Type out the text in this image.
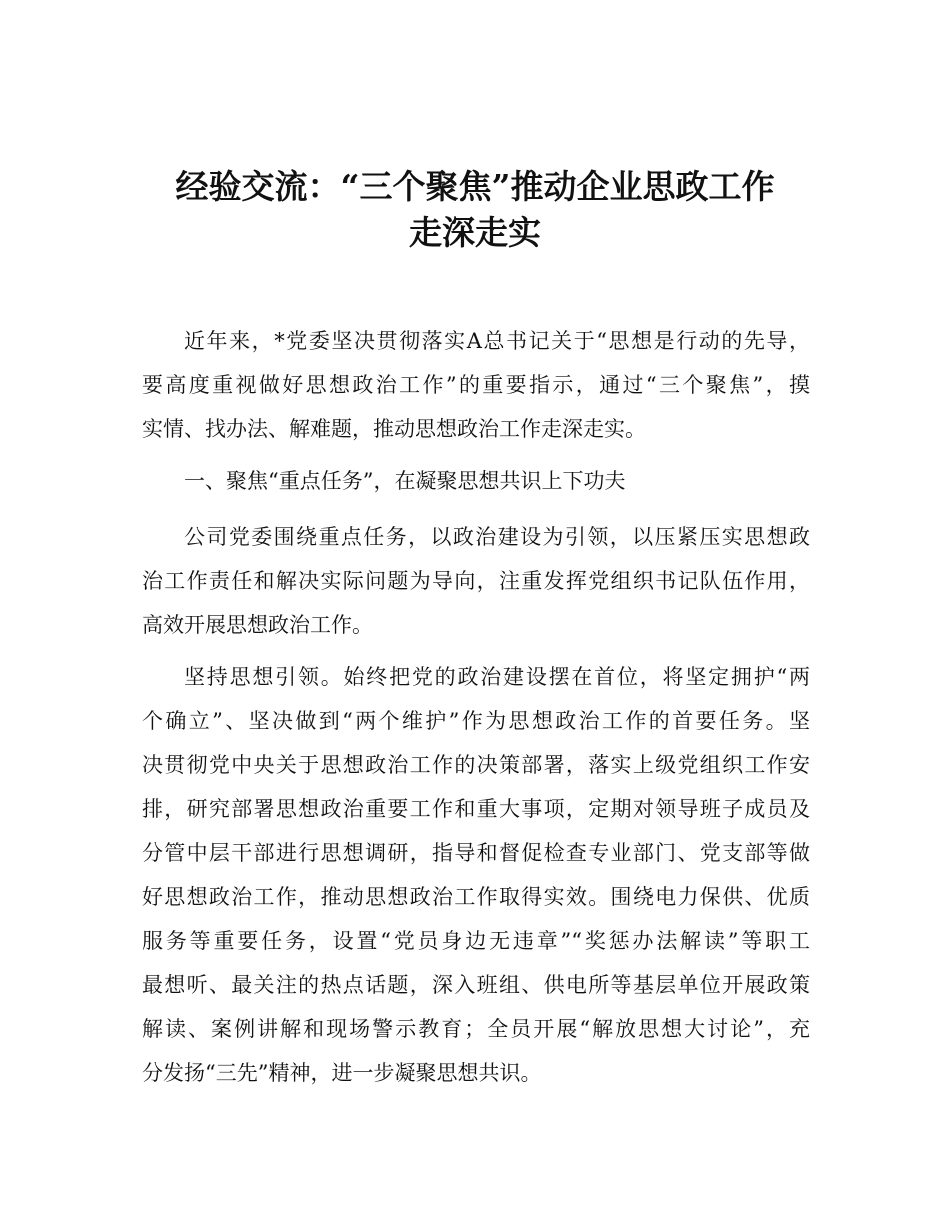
经验交流：“三个聚焦”推动企业思政工作
走深走实
近年来，*党委坚决贯彻落实A总书记关于“思想是行动的先导，
要高度重视做好思想政治工作”的重要指示，通过“三个聚焦”，摸
实情、找办法、解难题，推动思想政治工作走深走实。
一、聚焦“重点任务”，在凝聚思想共识上下功夫
公司党委围绕重点任务，以政治建设为引领，以压紧压实思想政
治工作责任和解决实际问题为导向，注重发挥党组织书记队伍作用，
高效开展思想政治工作。
坚持思想引领。始终把党的政治建设摆在首位，将坚定拥护“两
个确立”、坚决做到“两个维护”作为思想政治工作的首要任务。坚
决贯彻党中央关于思想政治工作的决策部署，落实上级党组织工作安
排，研究部署思想政治重要工作和重大事项，定期对领导班子成员及
分管中层干部进行思想调研，指导和督促检查专业部门、党支部等做
好思想政治工作，推动思想政治工作取得实效。围绕电力保供、优质
服务等重要任务，设置“党员身边无违章”“奖惩办法解读”等职工
最想听、最关注的热点话题，深入班组、供电所等基层单位开展政策
解读、案例讲解和现场警示教育；全员开展“解放思想大讨论”，充
分发扬“三先”精神，进一步凝聚思想共识。
